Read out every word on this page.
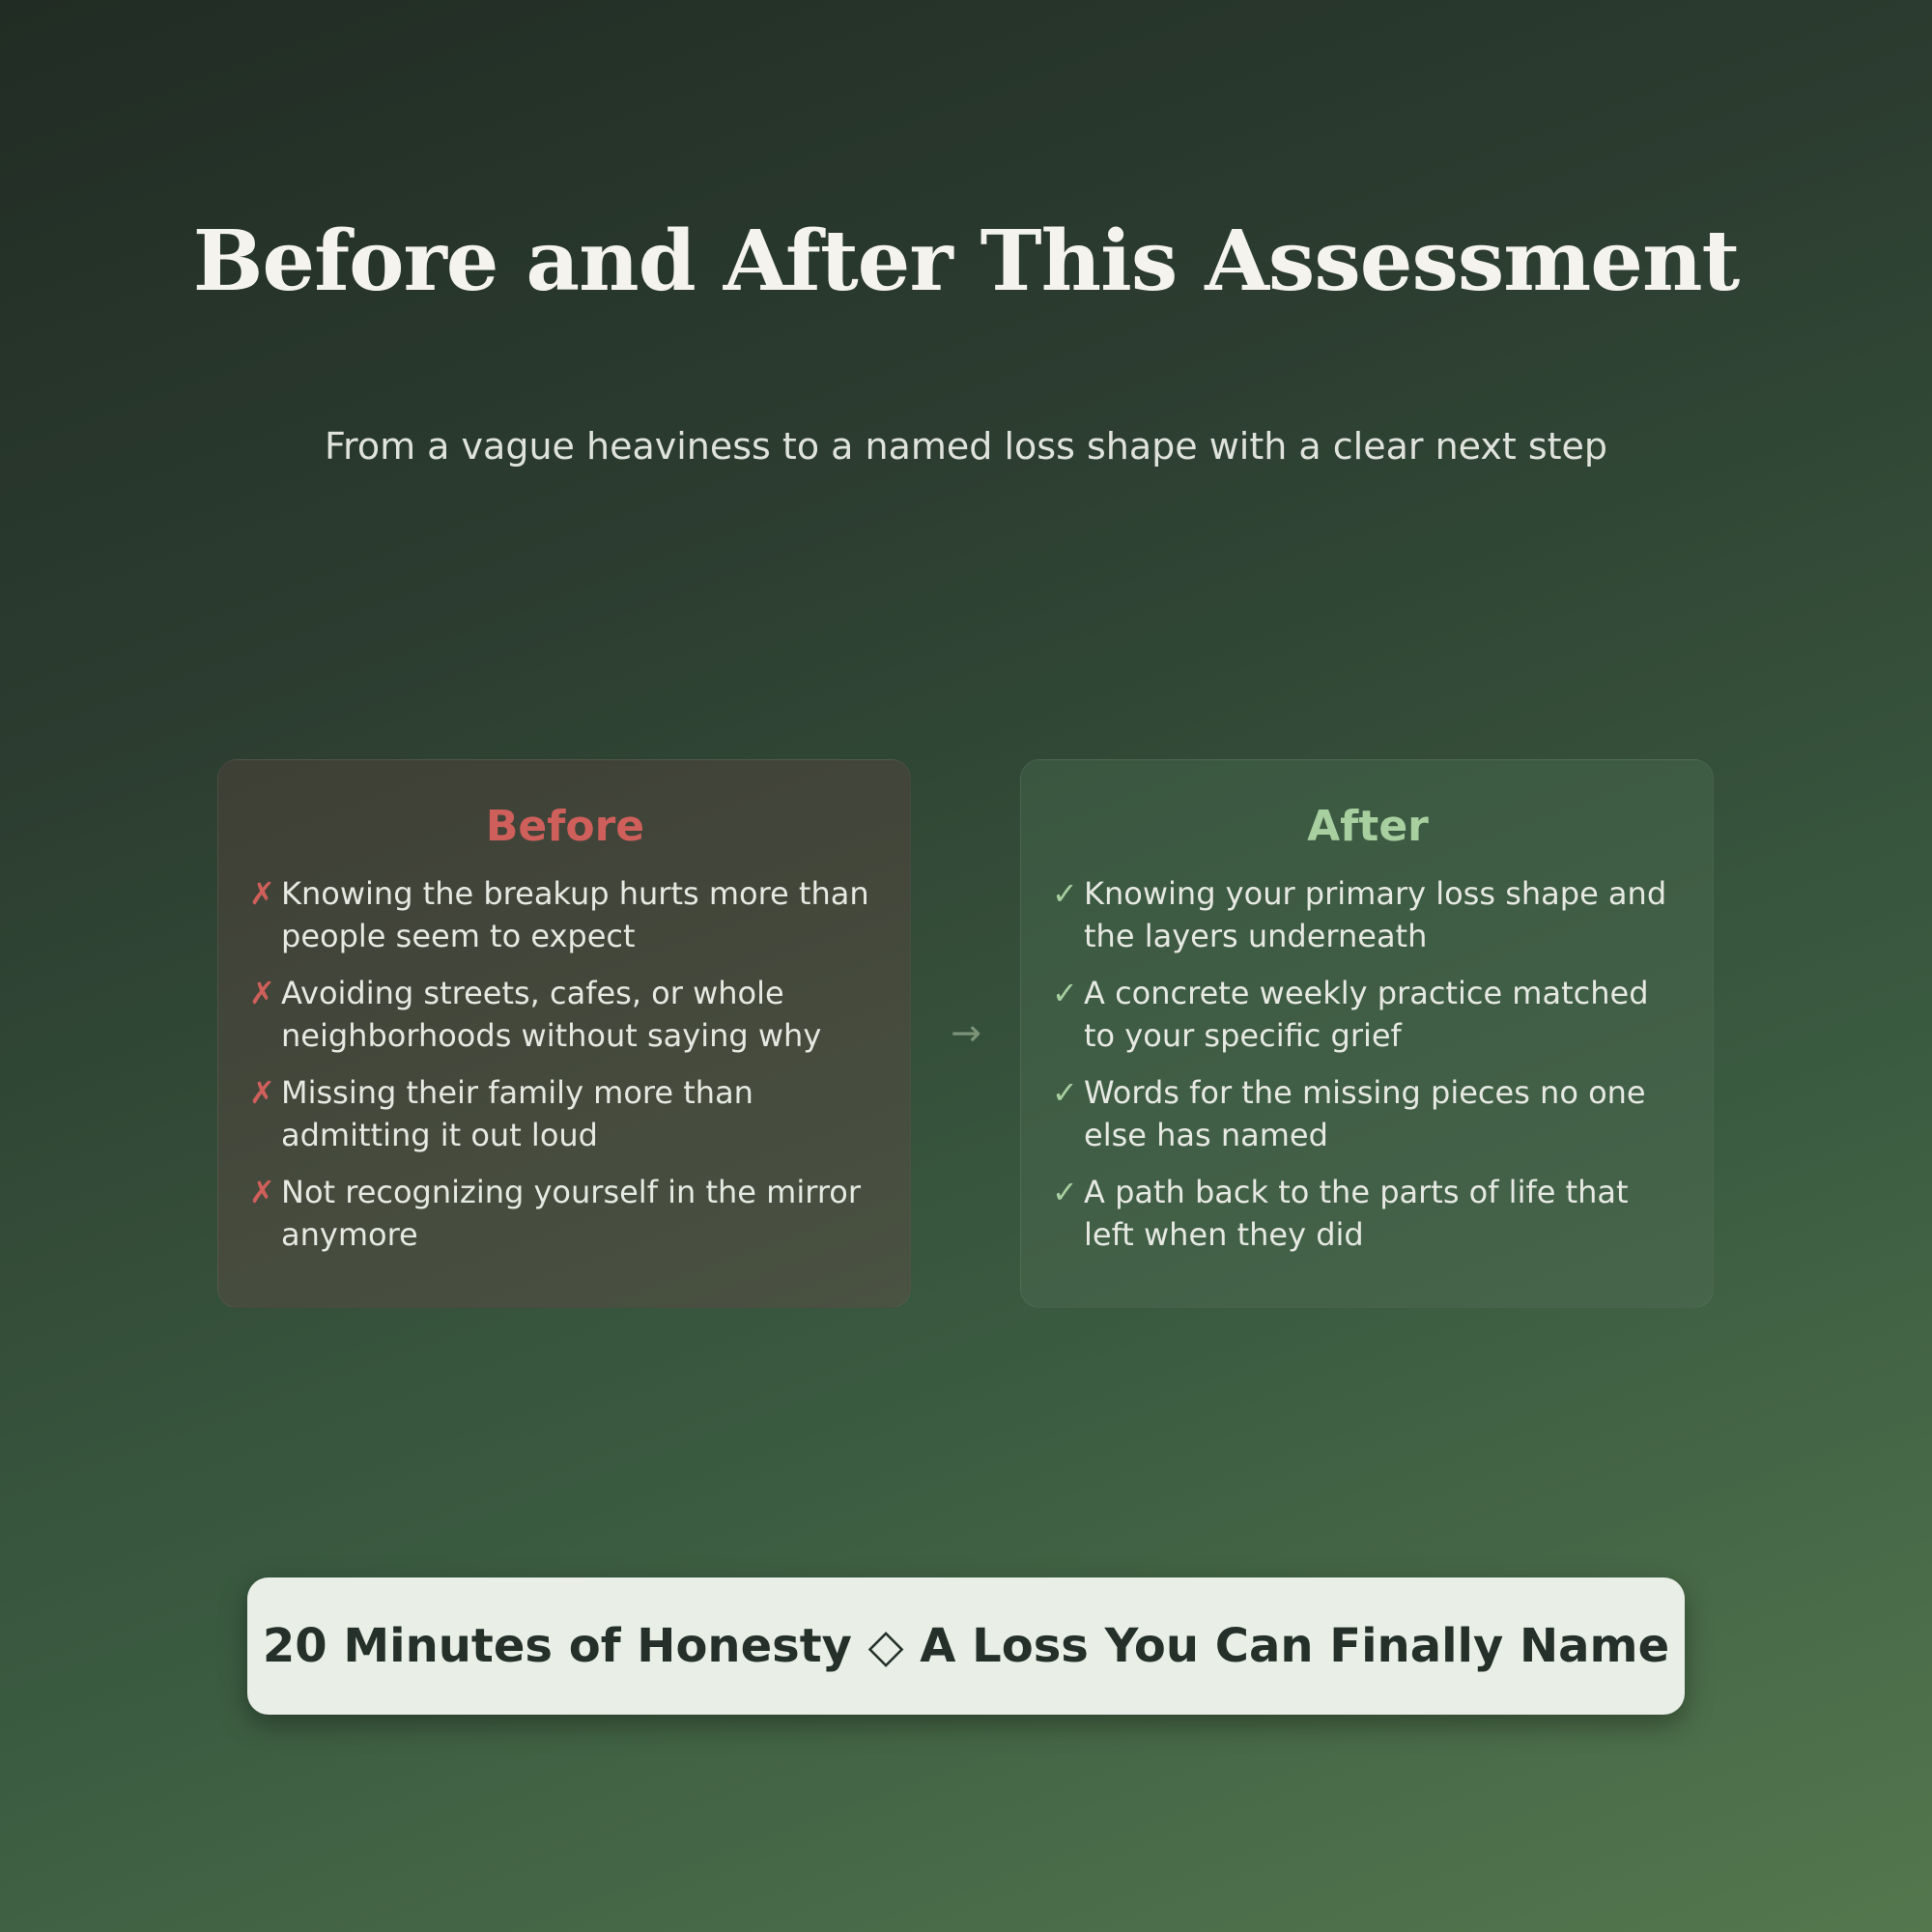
Before and After This Assessment

From a vague heaviness to a named loss shape with a clear next step

Before
✗ Knowing the breakup hurts more than people seem to expect
✗ Avoiding streets, cafes, or whole neighborhoods without saying why
✗ Missing their family more than admitting it out loud
✗ Not recognizing yourself in the mirror anymore
→
After
✓ Knowing your primary loss shape and the layers underneath
✓ A concrete weekly practice matched to your specific grief
✓ Words for the missing pieces no one else has named
✓ A path back to the parts of life that left when they did
20 Minutes of Honesty ◇ A Loss You Can Finally Name
